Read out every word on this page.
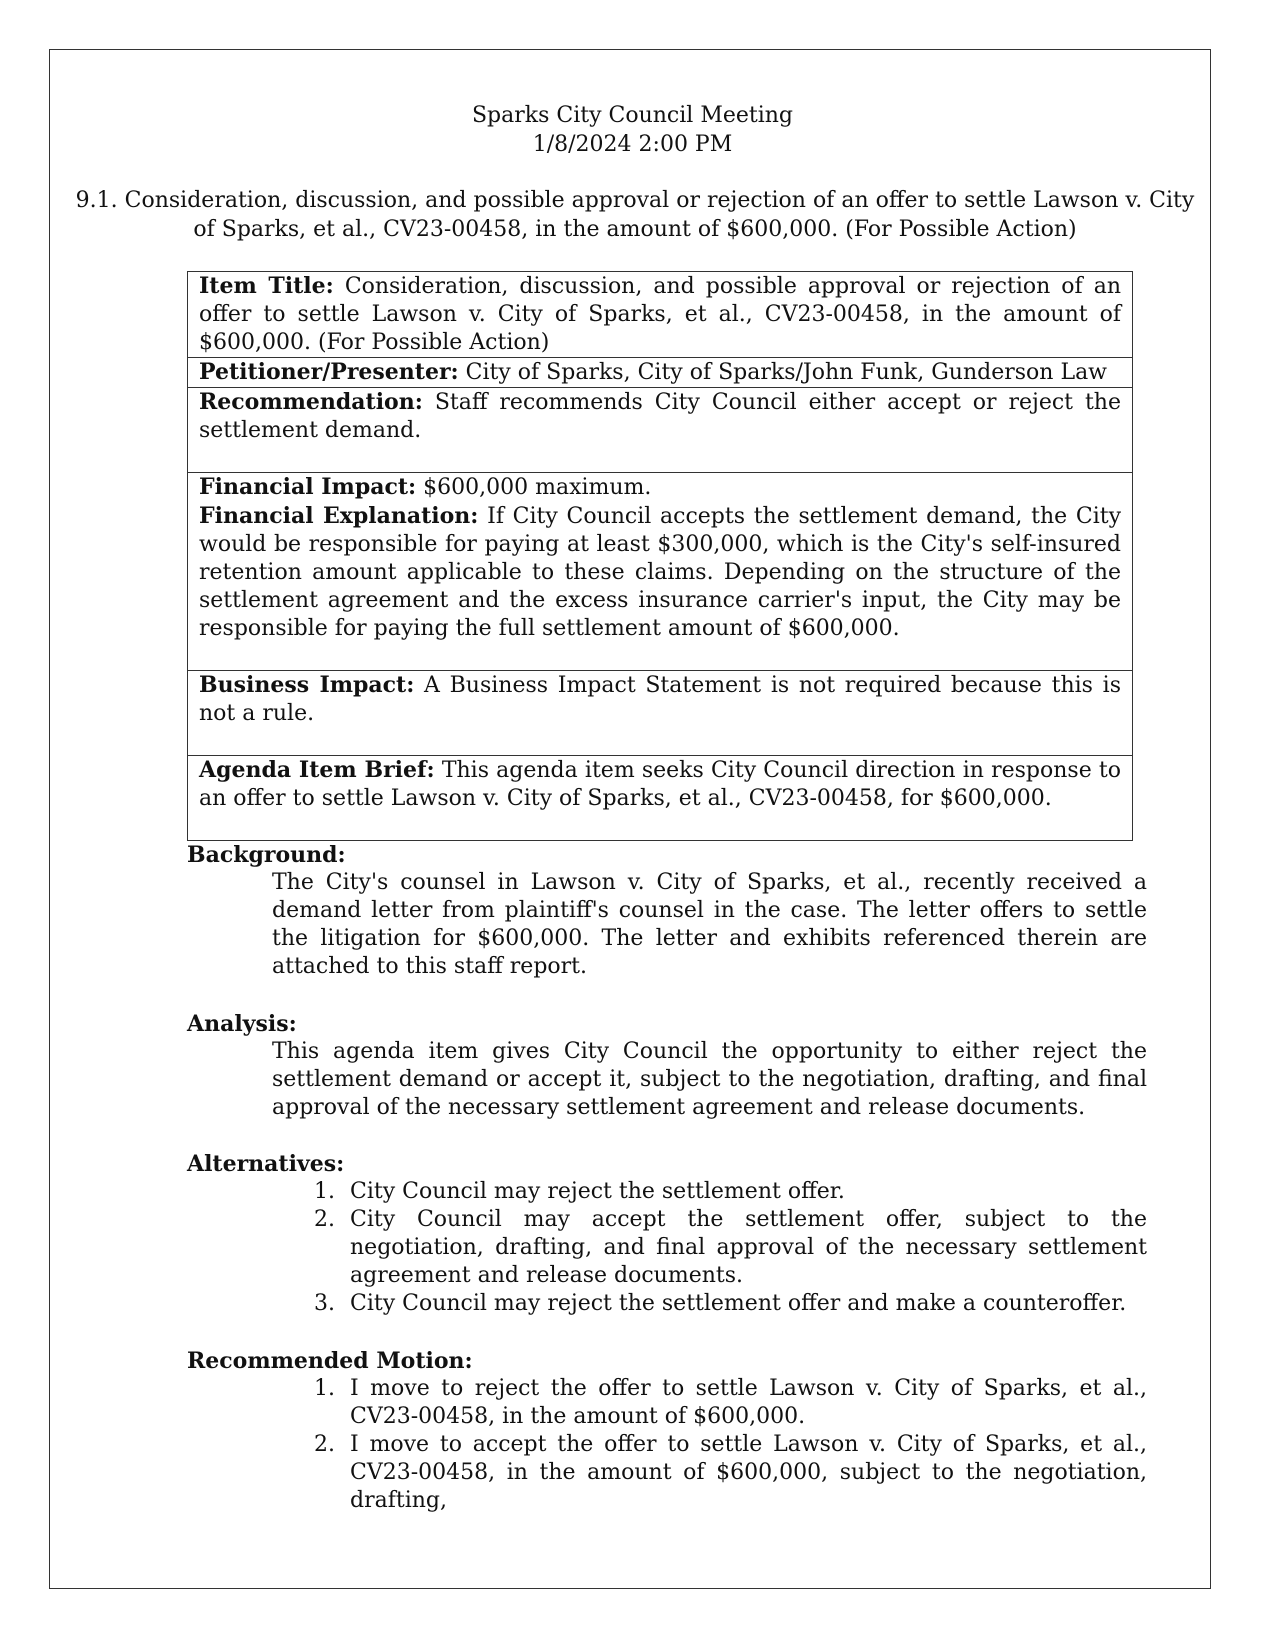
Sparks City Council Meeting
1/8/2024 2:00 PM
9.1. Consideration, discussion, and possible approval or rejection of an offer to settle Lawson v. City of Sparks, et al., CV23-00458, in the amount of $600,000. (For Possible Action)
Item Title: Consideration, discussion, and possible approval or rejection of an offer to settle Lawson v. City of Sparks, et al., CV23-00458, in the amount of $600,000. (For Possible Action)
Petitioner/Presenter: City of Sparks, City of Sparks/John Funk, Gunderson Law
Recommendation: Staff recommends City Council either accept or reject the settlement demand.

Financial Impact: $600,000 maximum.
Financial Explanation: If City Council accepts the settlement demand, the City would be responsible for paying at least $300,000, which is the City's self-insured retention amount applicable to these claims. Depending on the structure of the settlement agreement and the excess insurance carrier's input, the City may be responsible for paying the full settlement amount of $600,000.

Business Impact: A Business Impact Statement is not required because this is not a rule.
Agenda Item Brief: This agenda item seeks City Council direction in response to an offer to settle Lawson v. City of Sparks, et al., CV23-00458, for $600,000.
Background:
The City's counsel in Lawson v. City of Sparks, et al., recently received a demand letter from plaintiff's counsel in the case. The letter offers to settle the litigation for $600,000. The letter and exhibits referenced therein are attached to this staff report.
Analysis:
This agenda item gives City Council the opportunity to either reject the settlement demand or accept it, subject to the negotiation, drafting, and final approval of the necessary settlement agreement and release documents.
Alternatives:
1. City Council may reject the settlement offer.
2. City Council may accept the settlement offer, subject to the negotiation, drafting, and final approval of the necessary settlement agreement and release documents.
3. City Council may reject the settlement offer and make a counteroffer.
Recommended Motion:
1. I move to reject the offer to settle Lawson v. City of Sparks, et al., CV23-00458, in the amount of $600,000.
2. I move to accept the offer to settle Lawson v. City of Sparks, et al., CV23-00458, in the amount of $600,000, subject to the negotiation, drafting,
